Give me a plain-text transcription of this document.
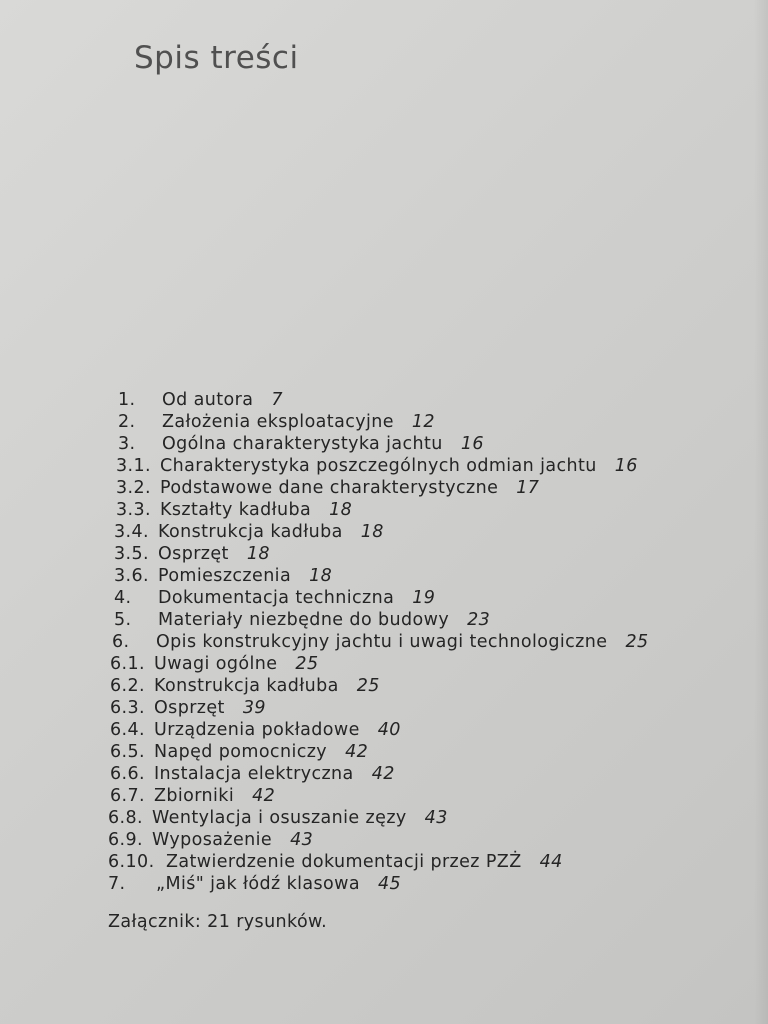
Spis treści
1. Od autora 7
2. Założenia eksploatacyjne 12
3. Ogólna charakterystyka jachtu 16
3.1. Charakterystyka poszczególnych odmian jachtu 16
3.2. Podstawowe dane charakterystyczne 17
3.3. Kształty kadłuba 18
3.4. Konstrukcja kadłuba 18
3.5. Osprzęt 18
3.6. Pomieszczenia 18
4. Dokumentacja techniczna 19
5. Materiały niezbędne do budowy 23
6. Opis konstrukcyjny jachtu i uwagi technologiczne 25
6.1. Uwagi ogólne 25
6.2. Konstrukcja kadłuba 25
6.3. Osprzęt 39
6.4. Urządzenia pokładowe 40
6.5. Napęd pomocniczy 42
6.6. Instalacja elektryczna 42
6.7. Zbiorniki 42
6.8. Wentylacja i osuszanie zęzy 43
6.9. Wyposażenie 43
6.10. Zatwierdzenie dokumentacji przez PZŻ 44
7. „Miś" jak łódź klasowa 45
Załącznik: 21 rysunków.
